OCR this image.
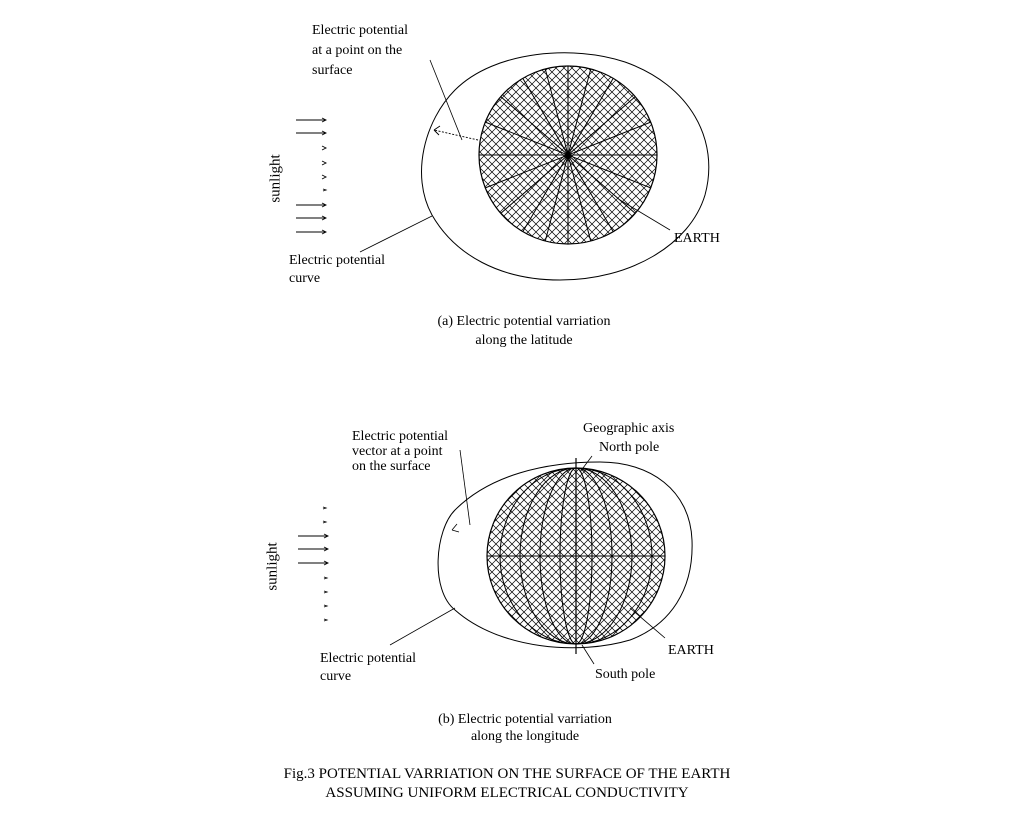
sunlight
Electric potential
at a point on the
surface
Electric potential
curve
EARTH
(a) Electric potential varriation
along the latitude
sunlight
Electric potential
vector at a point
on the surface
Geographic axis
North pole
South pole
Electric potential
curve
EARTH
(b) Electric potential varriation
along the longitude
Fig.3 POTENTIAL VARRIATION ON THE SURFACE OF THE EARTH
ASSUMING UNIFORM ELECTRICAL CONDUCTIVITY
